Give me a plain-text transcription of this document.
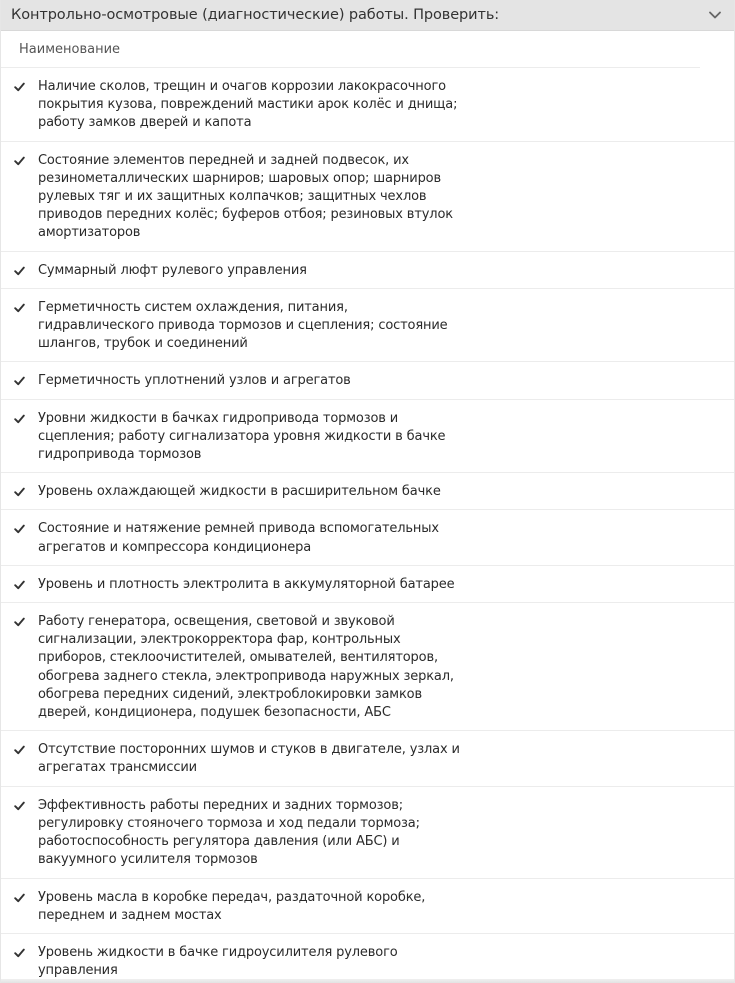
Контрольно-осмотровые (диагностические) работы. Проверить:
Наименование
Наличие сколов, трещин и очагов коррозии лакокрасочного покрытия кузова, повреждений мастики арок колёс и днища; работу замков дверей и капота
Состояние элементов передней и задней подвесок, их резинометаллических шарниров; шаровых опор; шарниров рулевых тяг и их защитных колпачков; защитных чехлов приводов передних колёс; буферов отбоя; резиновых втулок амортизаторов
Суммарный люфт рулевого управления
Герметичность систем охлаждения, питания, гидравлического привода тормозов и сцепления; состояние шлангов, трубок и соединений
Герметичность уплотнений узлов и агрегатов
Уровни жидкости в бачках гидропривода тормозов и сцепления; работу сигнализатора уровня жидкости в бачке гидропривода тормозов
Уровень охлаждающей жидкости в расширительном бачке
Состояние и натяжение ремней привода вспомогательных агрегатов и компрессора кондиционера
Уровень и плотность электролита в аккумуляторной батарее
Работу генератора, освещения, световой и звуковой сигнализации, электрокорректора фар, контрольных приборов, стеклоочистителей, омывателей, вентиляторов, обогрева заднего стекла, электропривода наружных зеркал, обогрева передних сидений, электроблокировки замков дверей, кондиционера, подушек безопасности, АБС
Отсутствие посторонних шумов и стуков в двигателе, узлах и агрегатах трансмиссии
Эффективность работы передних и задних тормозов; регулировку стояночего тормоза и ход педали тормоза; работоспособность регулятора давления (или АБС) и вакуумного усилителя тормозов
Уровень масла в коробке передач, раздаточной коробке, переднем и заднем мостах
Уровень жидкости в бачке гидроусилителя рулевого управления
